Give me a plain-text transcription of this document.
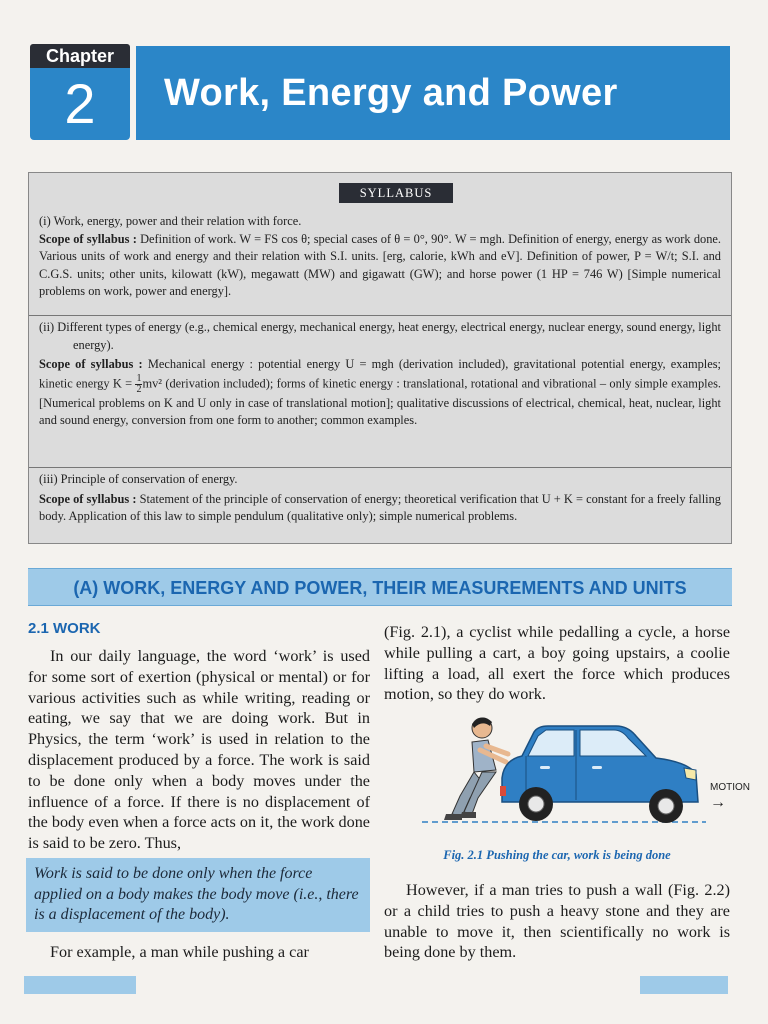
Chapter
2	Work, Energy and Power
SYLLABUS

(i) Work, energy, power and their relation with force.

Scope of syllabus : Definition of work. W = FS cos θ; special cases of θ = 0°, 90°. W = mgh. Definition of energy, energy as work done. Various units of work and energy and their relation with S.I. units. [erg, calorie, kWh and eV]. Definition of power, P = W/t; S.I. and C.G.S. units; other units, kilowatt (kW), megawatt (MW) and gigawatt (GW); and horse power (1 HP = 746 W) [Simple numerical problems on work, power and energy].

(ii) Different types of energy (e.g., chemical energy, mechanical energy, heat energy, electrical energy, nuclear energy, sound energy, light energy).

Scope of syllabus : Mechanical energy : potential energy U = mgh (derivation included), gravitational potential energy, examples; kinetic energy $K = \frac{1}{2} mv^2$ (derivation included); forms of kinetic energy : translational, rotational and vibrational – only simple examples. [Numerical problems on K and U only in case of translational motion]; qualitative discussions of electrical, chemical, heat, nuclear, light and sound energy, conversion from one form to another; common examples.

(iii) Principle of conservation of energy.

Scope of syllabus : Statement of the principle of conservation of energy; theoretical verification that U + K = constant for a freely falling body. Application of this law to simple pendulum (qualitative only); simple numerical problems.

(A) WORK, ENERGY AND POWER, THEIR MEASUREMENTS AND UNITS
2.1 WORK

In our daily language, the word ‘work’ is used for some sort of exertion (physical or mental) or for various activities such as while writing, reading or eating, we say that we are doing work. But in Physics, the term ‘work’ is used in relation to the displacement produced by a force. The work is said to be done only when a body moves under the influence of a force. If there is no displacement of the body even when a force acts on it, the work done is said to be zero. Thus,

Work is said to be done only when the force applied on a body makes the body move (i.e., there is a displacement of the body).
For example, a man while pushing a car

(Fig. 2.1), a cyclist while pedalling a cycle, a horse while pulling a cart, a boy going upstairs, a coolie lifting a load, all exert the force which produces motion, so they do work.

MOTION
→
Fig. 2.1 Pushing the car, work is being done

However, if a man tries to push a wall (Fig. 2.2) or a child tries to push a heavy stone and they are unable to move it, then scientifically no work is being done by them.
